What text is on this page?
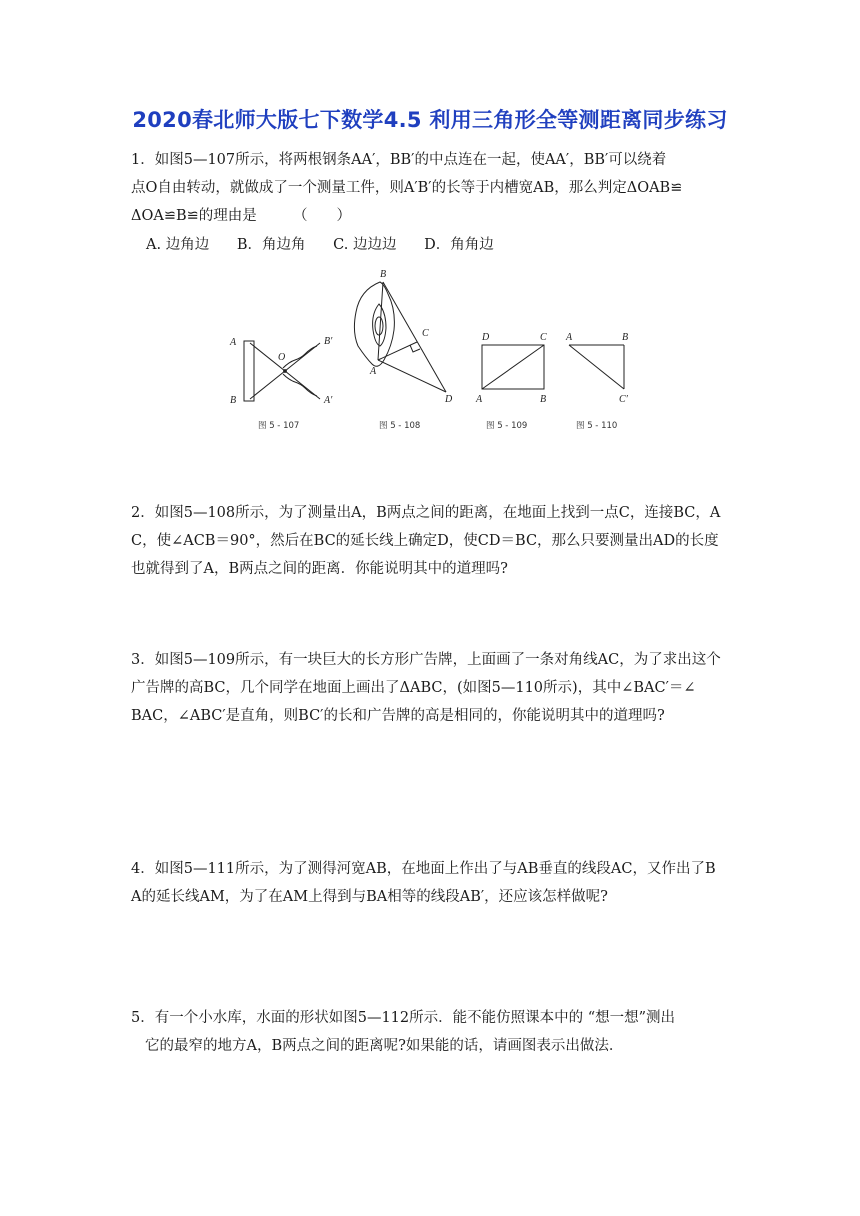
2020春北师大版七下数学4.5 利用三角形全等测距离同步练习

1．如图5—107所示，将两根钢条AA′，BB′的中点连在一起，使AA′，BB′可以绕着

点O自由转动，就做成了一个测量工件，则A′B′的长等于内槽宽AB，那么判定ΔOAB≌

ΔOA≌B≌的理由是　　　（　　）

A. 边角边 B．角边角 C. 边边边 D．角角边
A
B
O
B′
A′
图 5 - 107
B
C
A
D
图 5 - 108
D	C
A	B
图 5 - 109
A	B
C′
图 5 - 110

2．如图5—108所示，为了测量出A，B两点之间的距离，在地面上找到一点C，连接BC，A

C，使∠ACB＝90°，然后在BC的延长线上确定D，使CD＝BC，那么只要测量出AD的长度

也就得到了A，B两点之间的距离．你能说明其中的道理吗?

3．如图5—109所示，有一块巨大的长方形广告牌，上面画了一条对角线AC，为了求出这个

广告牌的高BC，几个同学在地面上画出了ΔABC，(如图5—110所示)，其中∠BAC′＝∠

BAC，∠ABC′是直角，则BC′的长和广告牌的高是相同的，你能说明其中的道理吗?

4．如图5—111所示，为了测得河宽AB，在地面上作出了与AB垂直的线段AC，又作出了B

A的延长线AM，为了在AM上得到与BA相等的线段AB′，还应该怎样做呢?

5．有一个小水库，水面的形状如图5—112所示．能不能仿照课本中的 “想一想”测出

它的最窄的地方A，B两点之间的距离呢?如果能的话，请画图表示出做法．
